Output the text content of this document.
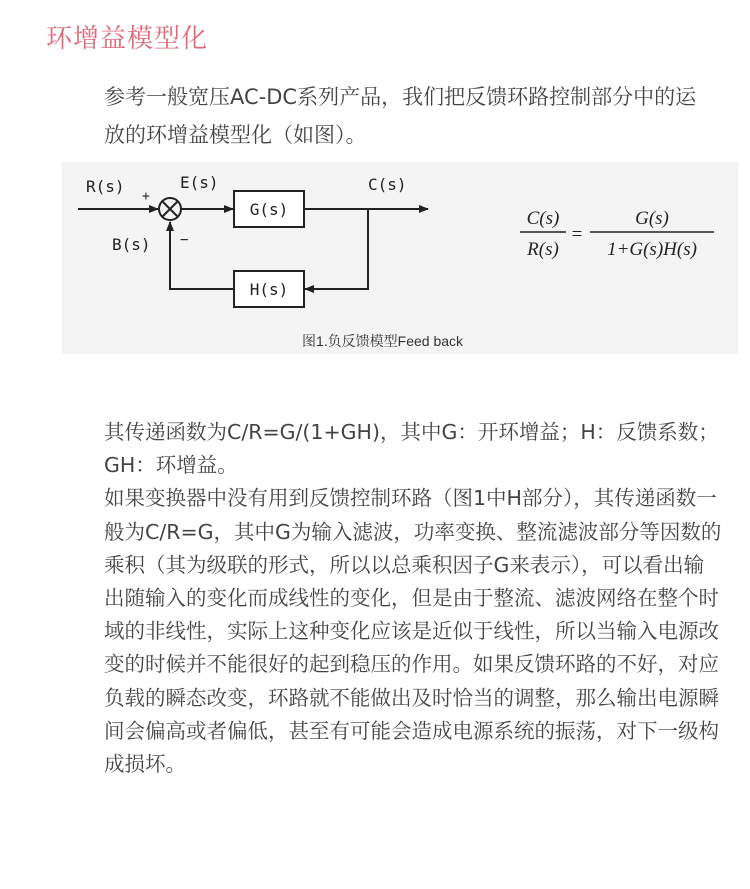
环增益模型化
参考一般宽压AC-DC系列产品，我们把反馈环路控制部分中的运放的环增益模型化（如图）。
R(s)
+
E(s)	C(s)
B(s) −
G(s)
H(s)
C(s)
R(s)
=
G(s)
1+G(s)H(s)
图1.负反馈模型Feed back

其传递函数为C/R=G/(1+GH)，其中G：开环增益；H：反馈系数；GH：环增益。

如果变换器中没有用到反馈控制环路（图1中H部分），其传递函数一般为C/R=G，其中G为输入滤波，功率变换、整流滤波部分等因数的乘积（其为级联的形式，所以以总乘积因子G来表示），可以看出输出随输入的变化而成线性的变化，但是由于整流、滤波网络在整个时域的非线性，实际上这种变化应该是近似于线性，所以当输入电源改变的时候并不能很好的起到稳压的作用。如果反馈环路的不好，对应负载的瞬态改变，环路就不能做出及时恰当的调整，那么输出电源瞬间会偏高或者偏低，甚至有可能会造成电源系统的振荡，对下一级构成损坏。
